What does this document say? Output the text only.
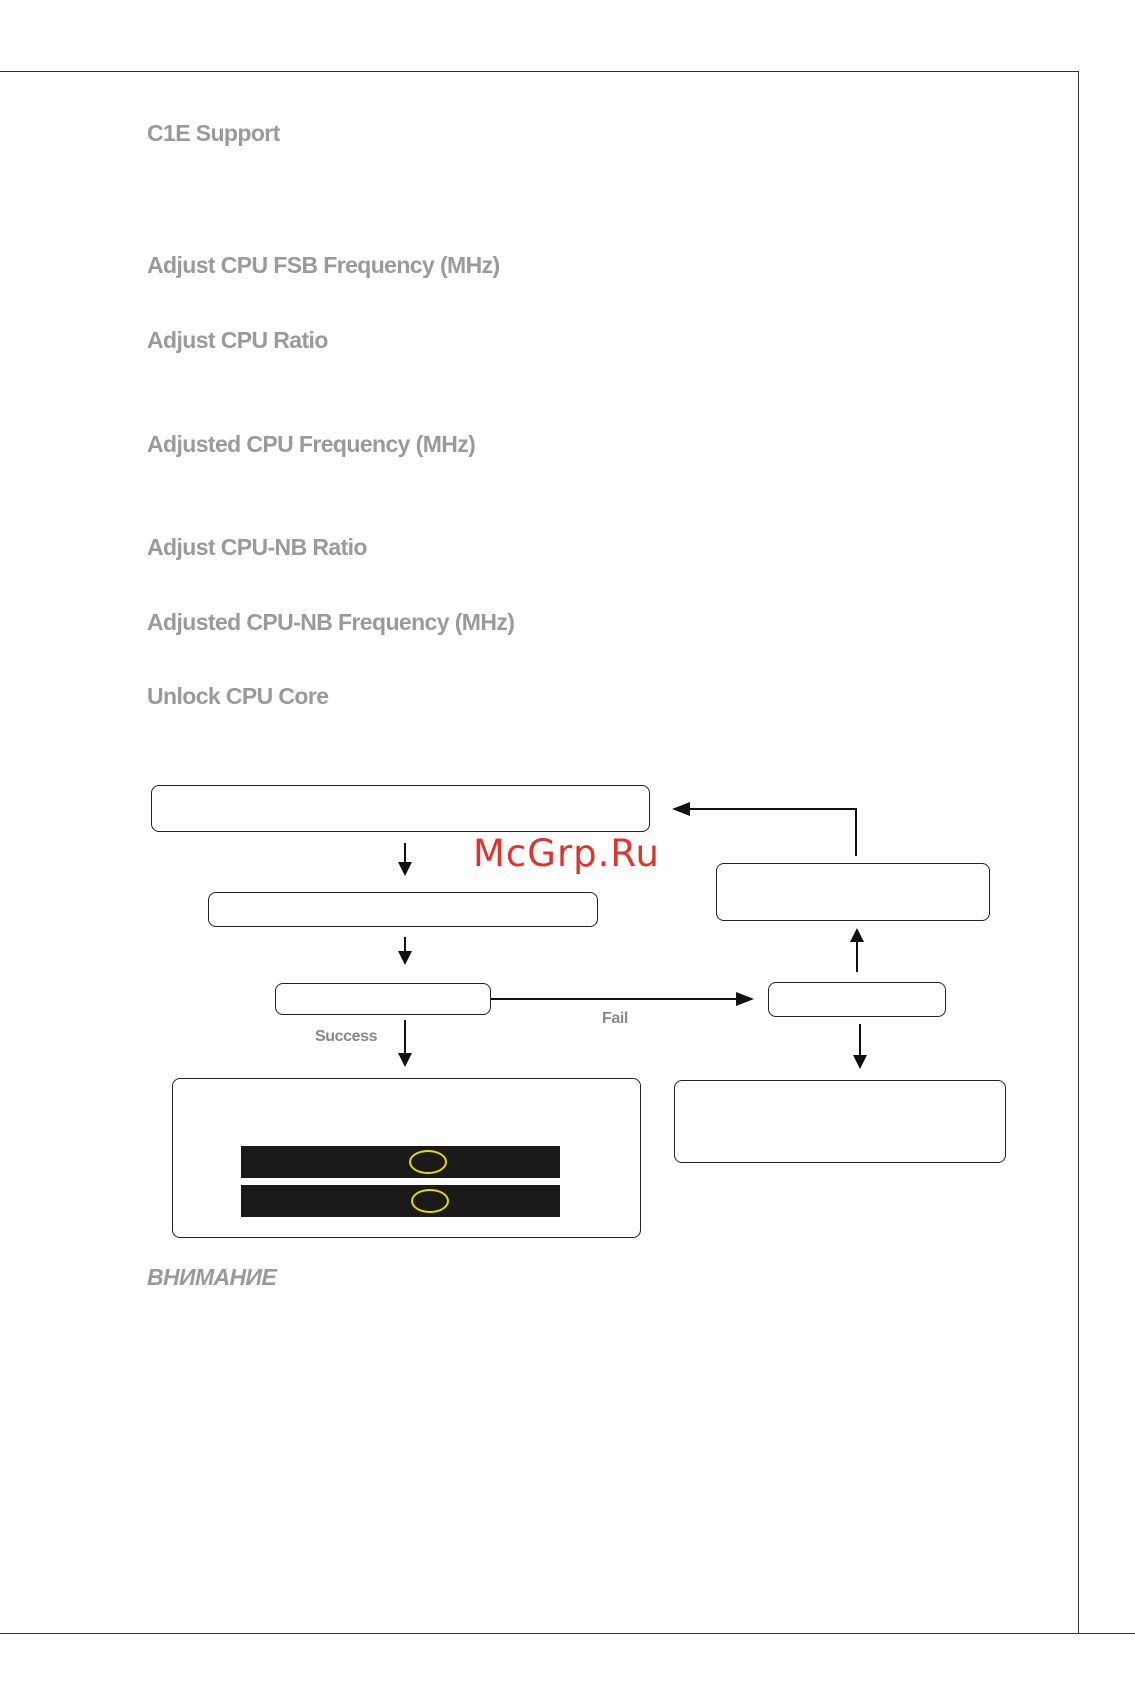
C1E Support
Adjust CPU FSB Frequency (MHz)
Adjust CPU Ratio
Adjusted CPU Frequency (MHz)
Adjust CPU-NB Ratio
Adjusted CPU-NB Frequency (MHz)
Unlock CPU Core
Fail
Success
McGrp.Ru
ВНИМАНИЕ
